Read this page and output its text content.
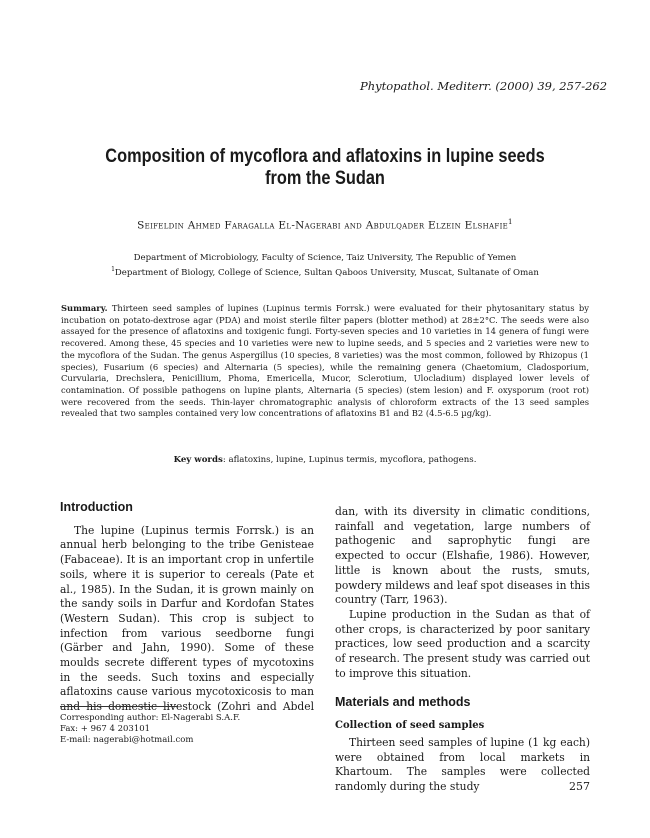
Phytopathol. Mediterr. (2000) 39, 257-262
Composition of mycoflora and aflatoxins in lupine seeds
from the Sudan
Seifeldin Ahmed Faragalla El-Nagerabi and Abdulqader Elzein Elshafie$^1$
Department of Microbiology, Faculty of Science, Taiz University, The Republic of Yemen
$^1$Department of Biology, College of Science, Sultan Qaboos University, Muscat, Sultanate of Oman
Summary. Thirteen seed samples of lupines (Lupinus termis Forrsk.) were evaluated for their phytosanitary status by incubation on potato-dextrose agar (PDA) and moist sterile filter papers (blotter method) at 28±2°C. The seeds were also assayed for the presence of aflatoxins and toxigenic fungi. Forty-seven species and 10 varieties in 14 genera of fungi were recovered. Among these, 45 species and 10 varieties were new to lupine seeds, and 5 species and 2 varieties were new to the mycoflora of the Sudan. The genus Aspergillus (10 species, 8 varieties) was the most common, followed by Rhizopus (1 species), Fusarium (6 species) and Alternaria (5 species), while the remaining genera (Chaetomium, Cladosporium, Curvularia, Drechslera, Penicillium, Phoma, Emericella, Mucor, Sclerotium, Ulocladium) displayed lower levels of contamination. Of possible pathogens on lupine plants, Alternaria (5 species) (stem lesion) and F. oxysporum (root rot) were recovered from the seeds. Thin-layer chromatographic analysis of chloroform extracts of the 13 seed samples revealed that two samples contained very low concentrations of aflatoxins B1 and B2 (4.5-6.5 µg/kg).
Key words: aflatoxins, lupine, Lupinus termis, mycoflora, pathogens.
Introduction

The lupine (Lupinus termis Forrsk.) is an annual herb belonging to the tribe Genisteae (Fabaceae). It is an important crop in unfertile soils, where it is superior to cereals (Pate et al., 1985). In the Sudan, it is grown mainly on the sandy soils in Darfur and Kordofan States (Western Sudan). This crop is subject to infection from various seedborne fungi (Gärber and Jahn, 1990). Some of these moulds secrete different types of mycotoxins in the seeds. Such toxins and especially aflatoxins cause various mycotoxicosis to man and his domestic livestock (Zohri and Abdel

dan, with its diversity in climatic conditions, rainfall and vegetation, large numbers of pathogenic and saprophytic fungi are expected to occur (Elshafie, 1986). However, little is known about the rusts, smuts, powdery mildews and leaf spot diseases in this country (Tarr, 1963).

Lupine production in the Sudan as that of other crops, is characterized by poor sanitary practices, low seed production and a scarcity of research. The present study was carried out to improve this situation.

Materials and methods
Collection of seed samples

Thirteen seed samples of lupine (1 kg each) were obtained from local markets in Khartoum. The samples were collected randomly during the study

Corresponding author: El-Nagerabi S.A.F.
Fax: + 967 4 203101
E-mail: nagerabi@hotmail.com
257
